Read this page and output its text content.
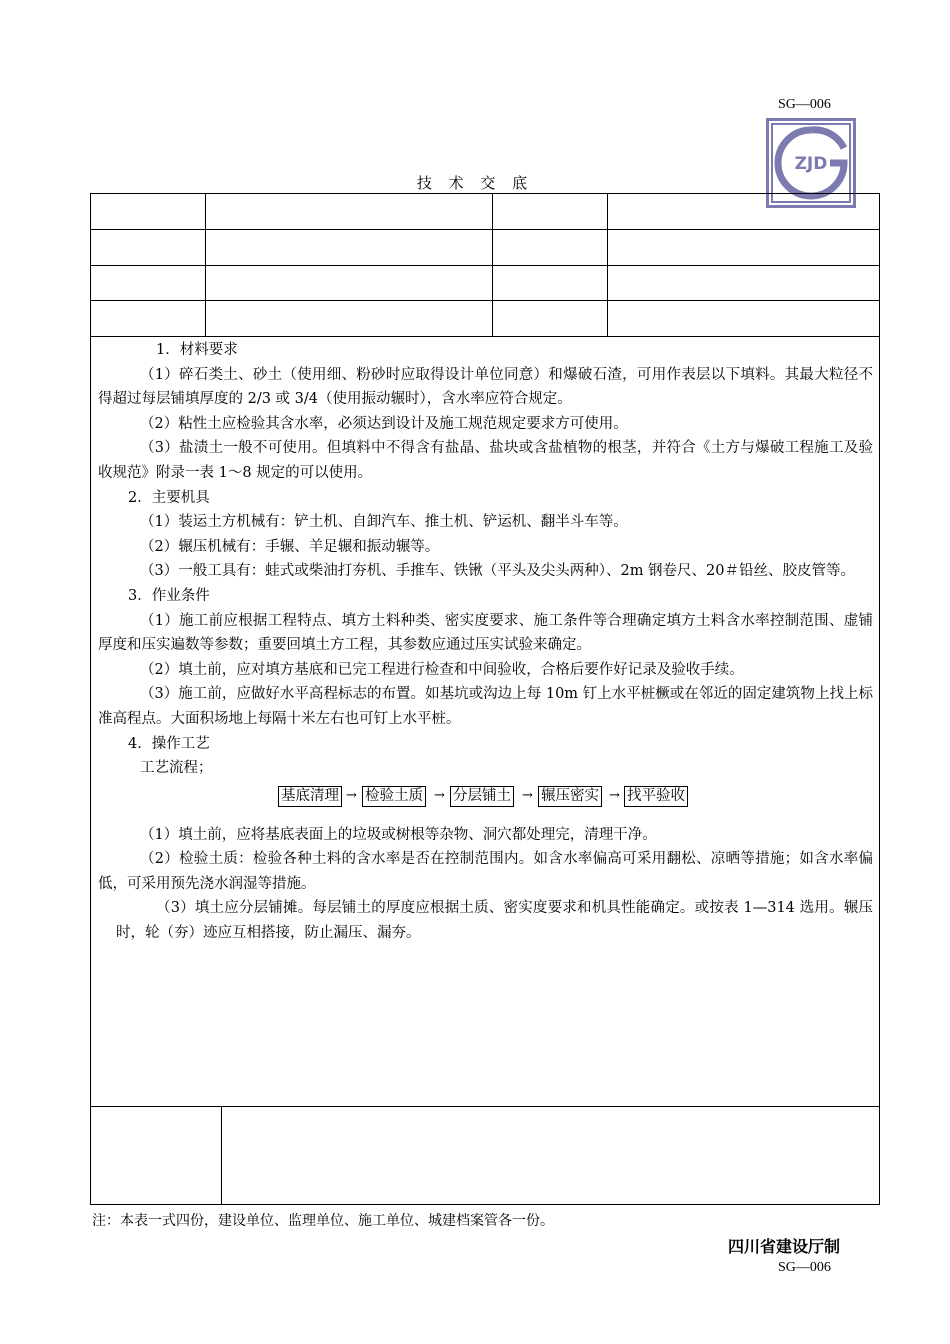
SG—006
ZJD
技 术 交 底

1．材料要求

（1）碎石类土、砂土（使用细、粉砂时应取得设计单位同意）和爆破石渣，可用作表层以下填料。其最大粒径不得超过每层铺填厚度的 2/3 或 3/4（使用振动辗时），含水率应符合规定。

（2）粘性土应检验其含水率，必须达到设计及施工规范规定要求方可使用。

（3）盐渍土一般不可使用。但填料中不得含有盐晶、盐块或含盐植物的根茎，并符合《土方与爆破工程施工及验收规范》附录一表 1～8 规定的可以使用。

2．主要机具

（1）装运土方机械有：铲土机、自卸汽车、推土机、铲运机、翻半斗车等。

（2）辗压机械有：手辗、羊足辗和振动辗等。

（3）一般工具有：蛙式或柴油打夯机、手推车、铁锹（平头及尖头两种）、2m 钢卷尺、20＃铅丝、胶皮管等。

3．作业条件

（1）施工前应根据工程特点、填方土料种类、密实度要求、施工条件等合理确定填方土料含水率控制范围、虚铺厚度和压实遍数等参数；重要回填土方工程，其参数应通过压实试验来确定。

（2）填土前，应对填方基底和已完工程进行检查和中间验收，合格后要作好记录及验收手续。

（3）施工前，应做好水平高程标志的布置。如基坑或沟边上每 10m 钉上水平桩橛或在邻近的固定建筑物上找上标准高程点。大面积场地上每隔十米左右也可钉上水平桩。

4．操作工艺

工艺流程；

基底清理 → 检验土质 → 分层铺土 → 辗压密实 → 找平验收

（1）填土前，应将基底表面上的垃圾或树根等杂物、洞穴都处理完，清理干净。

（2）检验土质：检验各种土料的含水率是否在控制范围内。如含水率偏高可采用翻松、凉晒等措施；如含水率偏低，可采用预先浇水润湿等措施。

（3）填土应分层铺摊。每层铺土的厚度应根据土质、密实度要求和机具性能确定。或按表 1—314 选用。辗压时，轮（夯）迹应互相搭接，防止漏压、漏夯。

注：本表一式四份，建设单位、监理单位、施工单位、城建档案管各一份。
四川省建设厅制
SG—006
